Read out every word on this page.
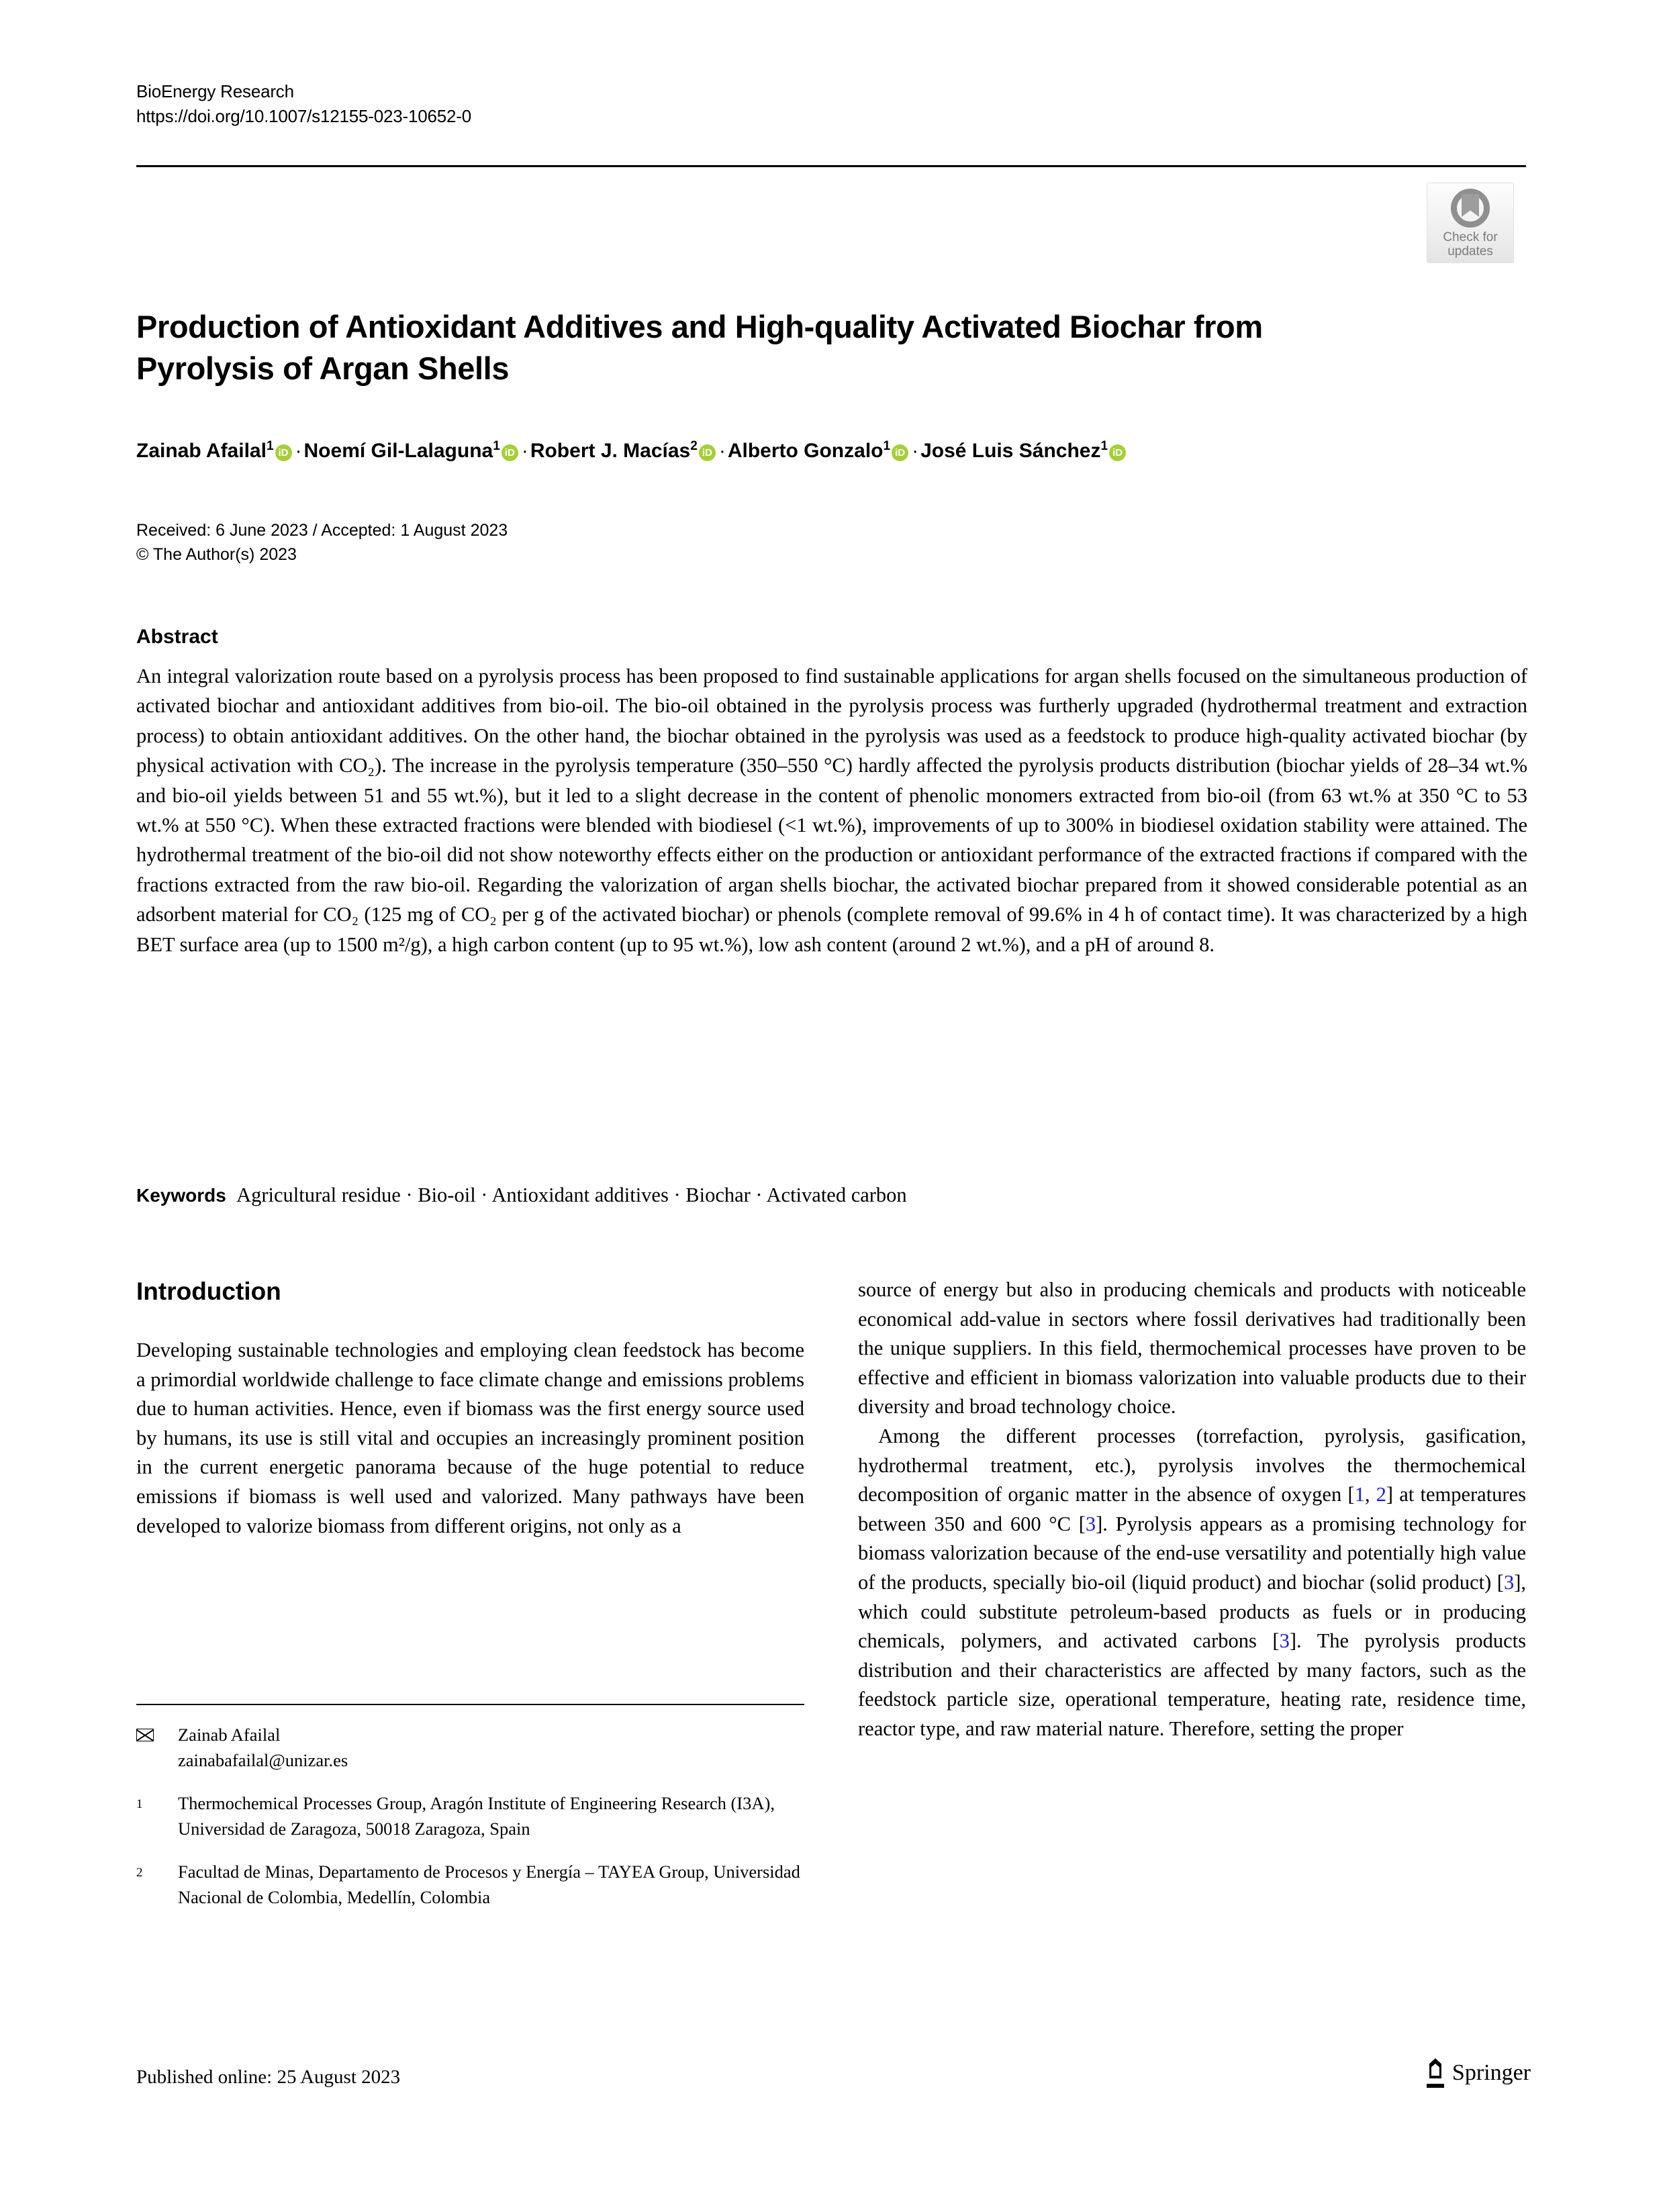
BioEnergy Research
https://doi.org/10.1007/s12155-023-10652-0
Check for
updates
Production of Antioxidant Additives and High-quality Activated Biochar from Pyrolysis of Argan Shells
Zainab Afailal$^1$ iD · Noemí Gil-Lalaguna$^1$ iD · Robert J. Macías$^2$ iD · Alberto Gonzalo$^1$ iD · José Luis Sánchez$^1$ iD
Received: 6 June 2023 / Accepted: 1 August 2023
© The Author(s) 2023
Abstract
An integral valorization route based on a pyrolysis process has been proposed to find sustainable applications for argan shells focused on the simultaneous production of activated biochar and antioxidant additives from bio-oil. The bio-oil obtained in the pyrolysis process was furtherly upgraded (hydrothermal treatment and extraction process) to obtain antioxidant additives. On the other hand, the biochar obtained in the pyrolysis was used as a feedstock to produce high-quality activated biochar (by physical activation with CO₂). The increase in the pyrolysis temperature (350–550 °C) hardly affected the pyrolysis products distribution (biochar yields of 28–34 wt.% and bio-oil yields between 51 and 55 wt.%), but it led to a slight decrease in the content of phenolic monomers extracted from bio-oil (from 63 wt.% at 350 °C to 53 wt.% at 550 °C). When these extracted fractions were blended with biodiesel (<1 wt.%), improvements of up to 300% in biodiesel oxidation stability were attained. The hydrothermal treatment of the bio-oil did not show noteworthy effects either on the production or antioxidant performance of the extracted fractions if compared with the fractions extracted from the raw bio-oil. Regarding the valorization of argan shells biochar, the activated biochar prepared from it showed considerable potential as an adsorbent material for CO₂ (125 mg of CO₂ per g of the activated biochar) or phenols (complete removal of 99.6% in 4 h of contact time). It was characterized by a high BET surface area (up to 1500 m²/g), a high carbon content (up to 95 wt.%), low ash content (around 2 wt.%), and a pH of around 8.
Keywords Agricultural residue · Bio-oil · Antioxidant additives · Biochar · Activated carbon
Introduction

Developing sustainable technologies and employing clean feedstock has become a primordial worldwide challenge to face climate change and emissions problems due to human activities. Hence, even if biomass was the first energy source used by humans, its use is still vital and occupies an increasingly prominent position in the current energetic panorama because of the huge potential to reduce emissions if biomass is well used and valorized. Many pathways have been developed to valorize biomass from different origins, not only as a

source of energy but also in producing chemicals and products with noticeable economical add-value in sectors where fossil derivatives had traditionally been the unique suppliers. In this field, thermochemical processes have proven to be effective and efficient in biomass valorization into valuable products due to their diversity and broad technology choice.

Among the different processes (torrefaction, pyrolysis, gasification, hydrothermal treatment, etc.), pyrolysis involves the thermochemical decomposition of organic matter in the absence of oxygen [1, 2] at temperatures between 350 and 600 °C [3]. Pyrolysis appears as a promising technology for biomass valorization because of the end-use versatility and potentially high value of the products, specially bio-oil (liquid product) and biochar (solid product) [3], which could substitute petroleum-based products as fuels or in producing chemicals, polymers, and activated carbons [3]. The pyrolysis products distribution and their characteristics are affected by many factors, such as the feedstock particle size, operational temperature, heating rate, residence time, reactor type, and raw material nature. Therefore, setting the proper

Zainab Afailal
zainabafailal@unizar.es
1	Thermochemical Processes Group, Aragón Institute of Engineering Research (I3A), Universidad de Zaragoza, 50018 Zaragoza, Spain
2	Facultad de Minas, Departamento de Procesos y Energía – TAYEA Group, Universidad Nacional de Colombia, Medellín, Colombia
Published online: 25 August 2023	Springer
